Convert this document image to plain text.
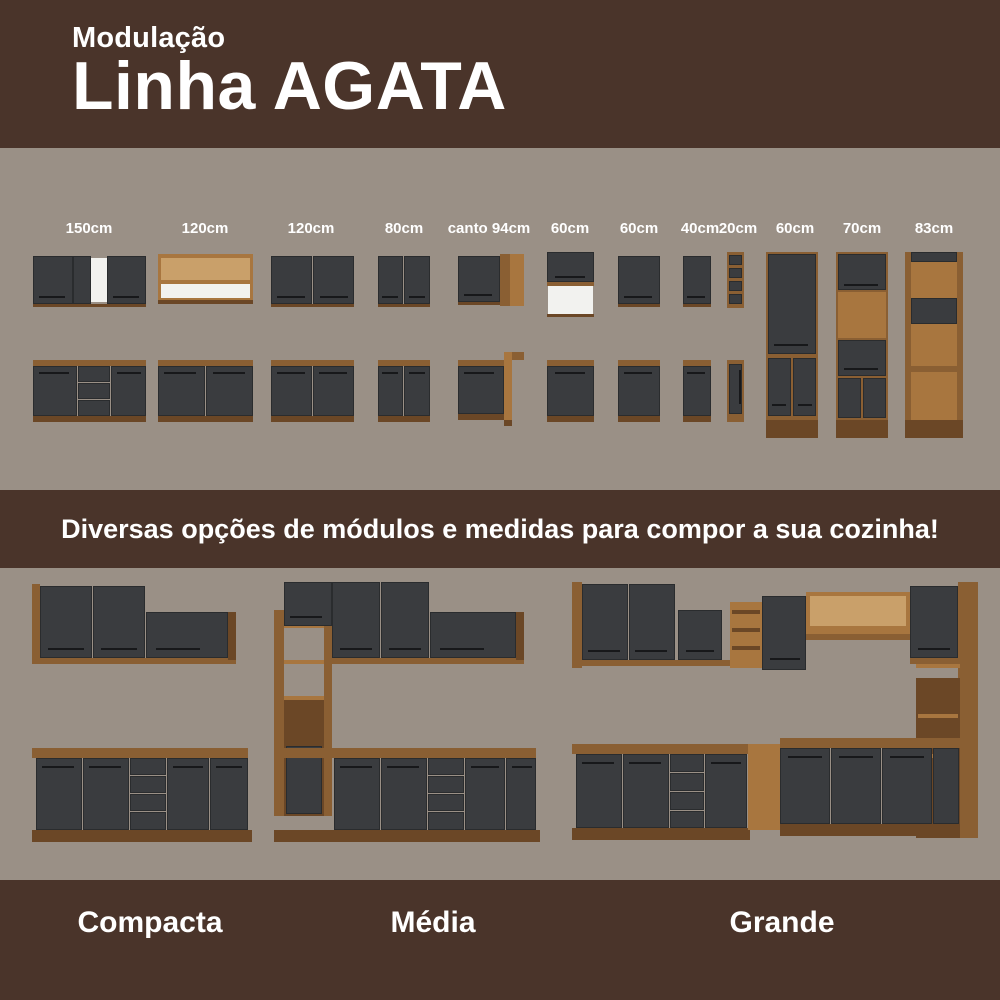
Modulação
Linha AGATA
150cm	120cm	120cm	80cm	canto 94cm	60cm	60cm	40cm 20cm	60cm	70cm	83cm
Diversas opções de módulos e medidas para compor a sua cozinha!
Compacta	Média	Grande
